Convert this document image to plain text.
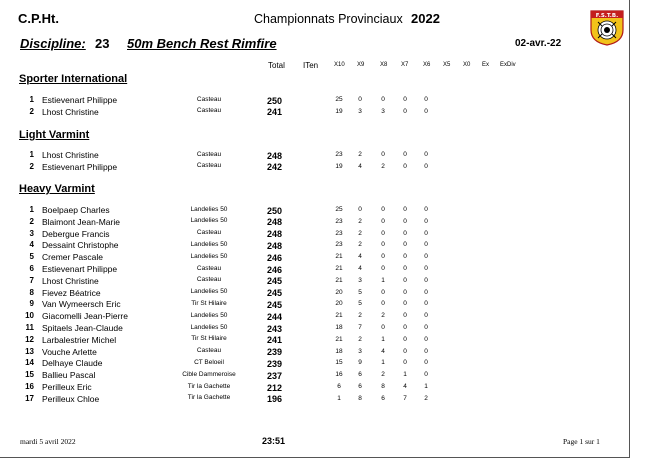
C.P.Ht.	Championnats Provinciaux 2022
Discipline: 23 50m Bench Rest Rimfire	02-avr.-22
F.S.T.B.
Total ITen	X10 X9	X8 X7 X6 X5 X0 Ex ExDiv
Sporter International
1 Estievenart Philippe	Casteau	250	25	0	0	0	0
2 Lhost Christine	Casteau	241	19	3	3	0	0
Light Varmint
1 Lhost Christine	Casteau	248	23	2	0	0	0
2 Estievenart Philippe	Casteau	242	19	4	2	0	0
Heavy Varmint
1 Boelpaep Charles	Landelies 50	250	25	0	0	0	0
2 Blaimont Jean-Marie	Landelies 50	248	23	2	0	0	0
3 Debergue Francis	Casteau	248	23	2	0	0	0
4 Dessaint Christophe	Landelies 50	248	23	2	0	0	0
5 Cremer Pascale	Landelies 50	246	21	4	0	0	0
6 Estievenart Philippe	Casteau	246	21	4	0	0	0
7 Lhost Christine	Casteau	245	21	3	1	0	0
8 Fievez Béatrice	Landelies 50	245	20	5	0	0	0
9 Van Wymeersch Eric	Tir St Hilaire	245	20	5	0	0	0
10 Giacomelli Jean-Pierre	Landelies 50	244	21	2	2	0	0
11 Spitaels Jean-Claude	Landelies 50	243	18	7	0	0	0
12 Larbalestrier Michel	Tir St Hilaire	241	21	2	1	0	0
13 Vouche Arlette	Casteau	239	18	3	4	0	0
14 Delhaye Claude	CT Beloeil	239	15	9	1	0	0
15 Ballieu Pascal	Cible Dammeroise	237	16	6	2	1	0
16 Perilleux Eric	Tir la Gachette	212	6	6	8	4	1
17 Perilleux Chloe	Tir la Gachette	196	1	8	6	7	2
mardi 5 avril 2022	23:51	Page 1 sur 1
